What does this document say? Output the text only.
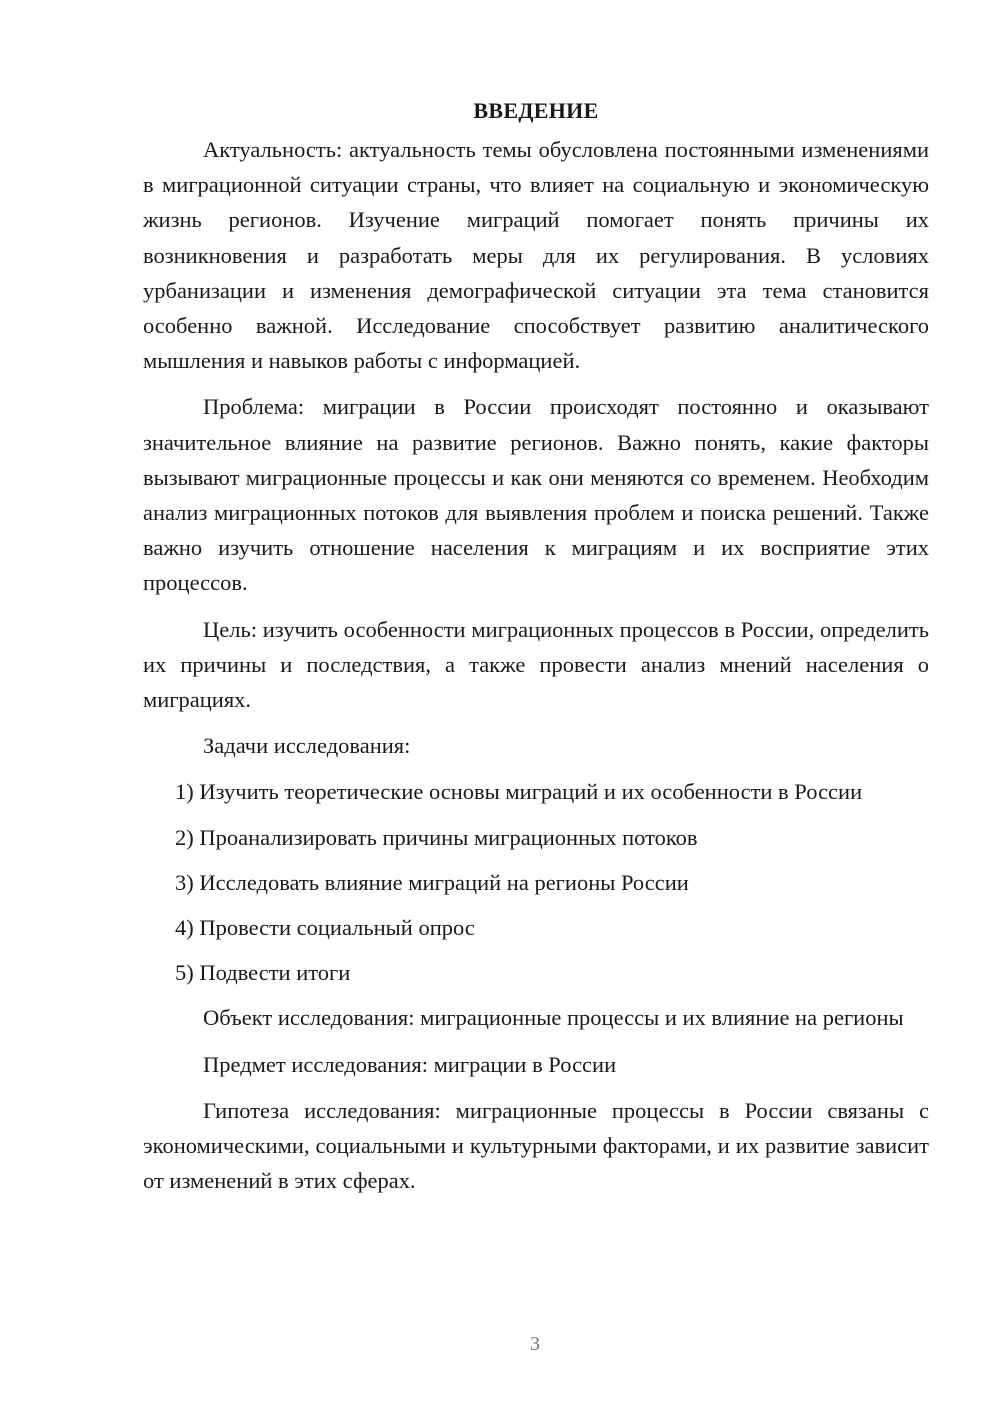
ВВЕДЕНИЕ

Актуальность: актуальность темы обусловлена постоянными изменениями в миграционной ситуации страны, что влияет на социальную и экономическую жизнь регионов. Изучение миграций помогает понять причины их возникновения и разработать меры для их регулирования. В условиях урбанизации и изменения демографической ситуации эта тема становится особенно важной. Исследование способствует развитию аналитического мышления и навыков работы с информацией.

Проблема: миграции в России происходят постоянно и оказывают значительное влияние на развитие регионов. Важно понять, какие факторы вызывают миграционные процессы и как они меняются со временем. Необходим анализ миграционных потоков для выявления проблем и поиска решений. Также важно изучить отношение населения к миграциям и их восприятие этих процессов.

Цель: изучить особенности миграционных процессов в России, определить их причины и последствия, а также провести анализ мнений населения о миграциях.

Задачи исследования:

1) Изучить теоретические основы миграций и их особенности в России
2) Проанализировать причины миграционных потоков
3) Исследовать влияние миграций на регионы России
4) Провести социальный опрос
5) Подвести итоги

Объект исследования: миграционные процессы и их влияние на регионы

Предмет исследования: миграции в России

Гипотеза исследования: миграционные процессы в России связаны с экономическими, социальными и культурными факторами, и их развитие зависит от изменений в этих сферах.

3
